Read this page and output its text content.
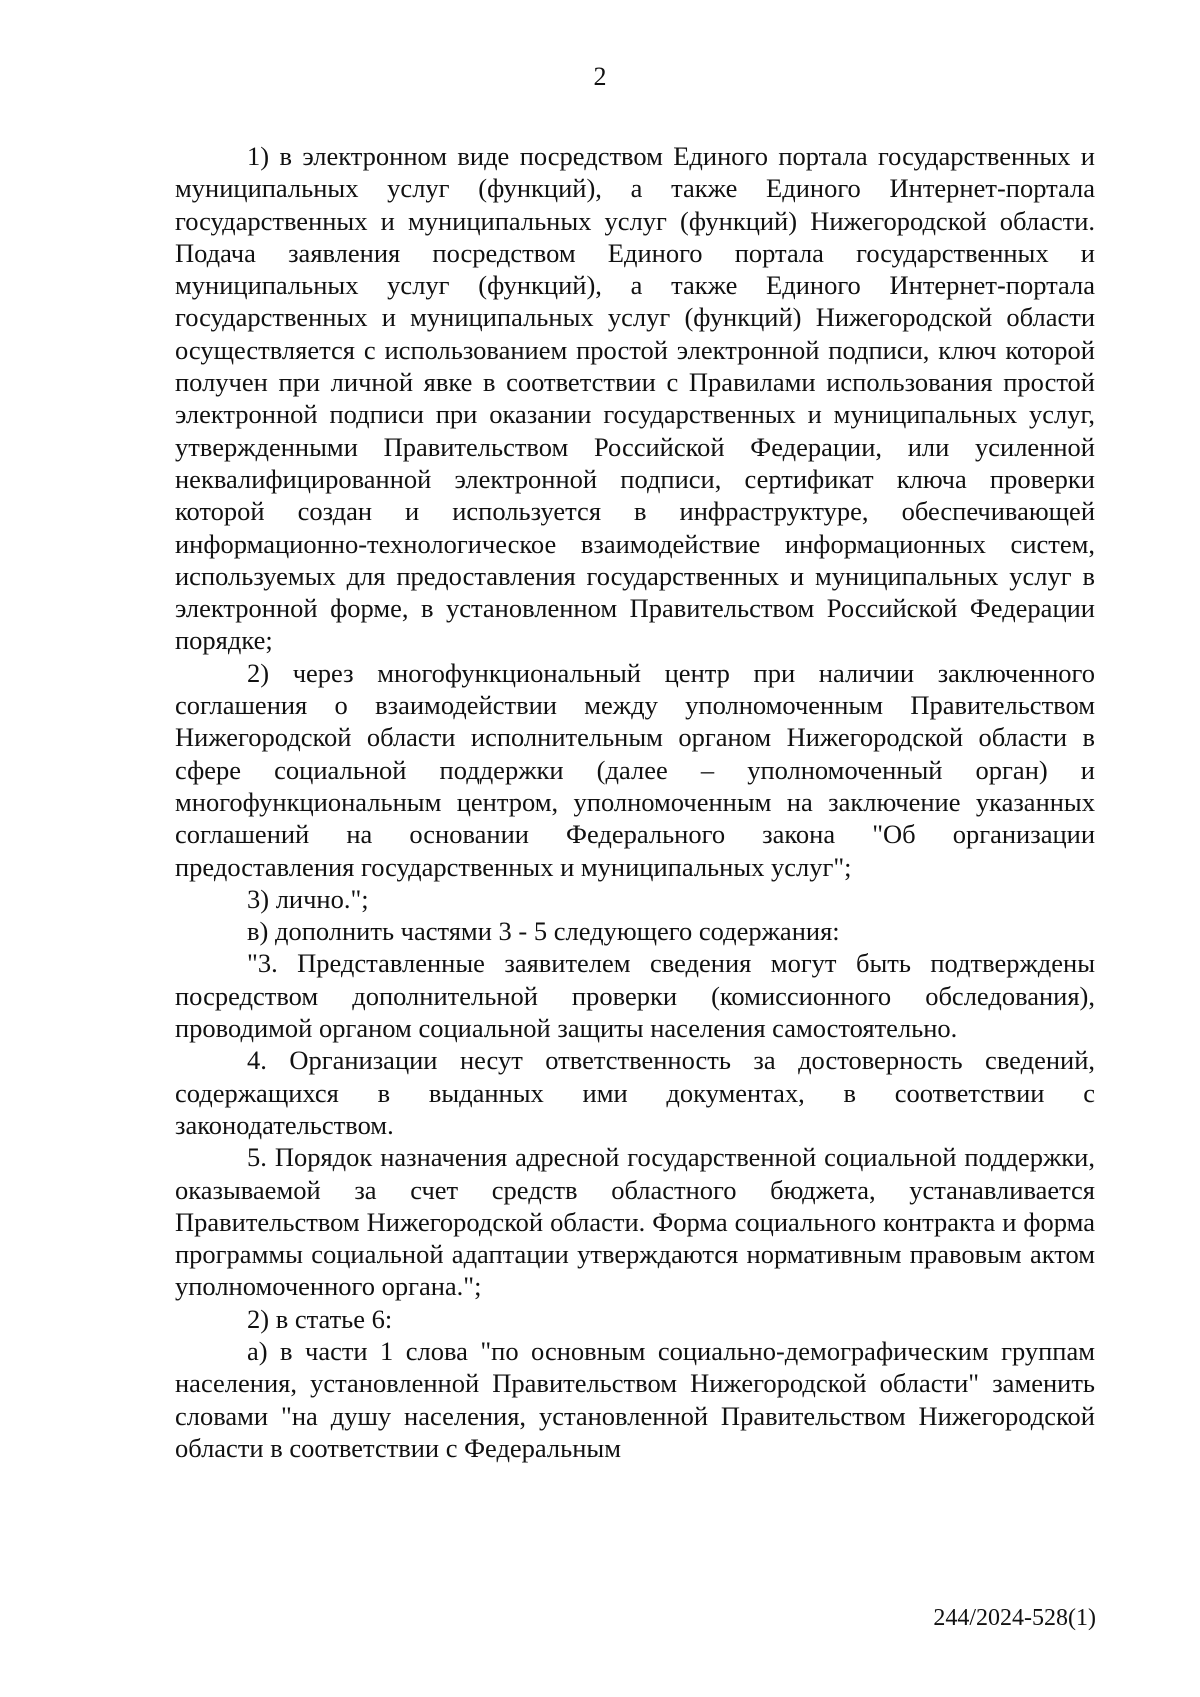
2

1) в электронном виде посредством Единого портала государственных и муниципальных услуг (функций), а также Единого Интернет-портала государственных и муниципальных услуг (функций) Нижегородской области. Подача заявления посредством Единого портала государственных и муниципальных услуг (функций), а также Единого Интернет-портала государственных и муниципальных услуг (функций) Нижегородской области осуществляется с использованием простой электронной подписи, ключ которой получен при личной явке в соответствии с Правилами использования простой электронной подписи при оказании государственных и муниципальных услуг, утвержденными Правительством Российской Федерации, или усиленной неквалифицированной электронной подписи, сертификат ключа проверки которой создан и используется в инфраструктуре, обеспечивающей информационно-технологическое взаимодействие информационных систем, используемых для предоставления государственных и муниципальных услуг в электронной форме, в установленном Правительством Российской Федерации порядке;

2) через многофункциональный центр при наличии заключенного соглашения о взаимодействии между уполномоченным Правительством Нижегородской области исполнительным органом Нижегородской области в сфере социальной поддержки (далее – уполномоченный орган) и многофункциональным центром, уполномоченным на заключение указанных соглашений на основании Федерального закона "Об организации предоставления государственных и муниципальных услуг";

3) лично.";

в) дополнить частями 3 - 5 следующего содержания:

"3. Представленные заявителем сведения могут быть подтверждены посредством дополнительной проверки (комиссионного обследования), проводимой органом социальной защиты населения самостоятельно.

4. Организации несут ответственность за достоверность сведений, содержащихся в выданных ими документах, в соответствии с законодательством.

5. Порядок назначения адресной государственной социальной поддержки, оказываемой за счет средств областного бюджета, устанавливается Правительством Нижегородской области. Форма социального контракта и форма программы социальной адаптации утверждаются нормативным правовым актом уполномоченного органа.";

2) в статье 6:

а) в части 1 слова "по основным социально-демографическим группам населения, установленной Правительством Нижегородской области" заменить словами "на душу населения, установленной Правительством Нижегородской области в соответствии с Федеральным

244/2024-528(1)
